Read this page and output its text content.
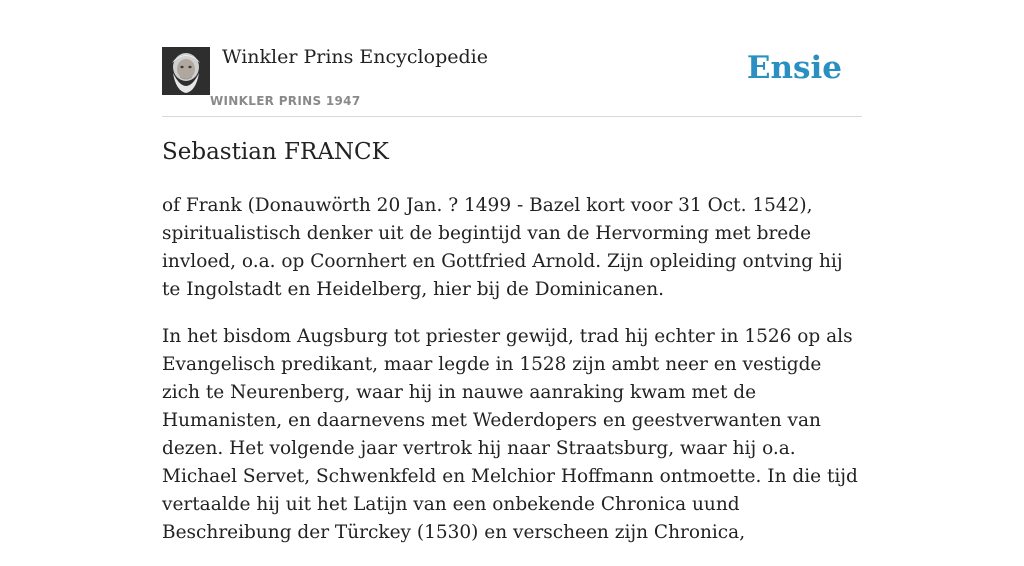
Winkler Prins Encyclopedie
WINKLER PRINS 1947
Ensie
Sebastian FRANCK

of Frank (Donauwörth 20 Jan. ? 1499 - Bazel kort voor 31 Oct. 1542), spiritualistisch denker uit de begintijd van de Hervorming met brede invloed, o.a. op Coornhert en Gottfried Arnold. Zijn opleiding ontving hij te Ingolstadt en Heidelberg, hier bij de Dominicanen.

In het bisdom Augsburg tot priester gewijd, trad hij echter in 1526 op als Evangelisch predikant, maar legde in 1528 zijn ambt neer en vestigde zich te Neurenberg, waar hij in nauwe aanraking kwam met de Humanisten, en daarnevens met Wederdopers en geestverwanten van dezen. Het volgende jaar vertrok hij naar Straatsburg, waar hij o.a. Michael Servet, Schwenkfeld en Melchior Hoffmann ontmoette. In die tijd vertaalde hij uit het Latijn van een onbekende Chronica uund Beschreibung der Türckey (1530) en verscheen zijn Chronica,
